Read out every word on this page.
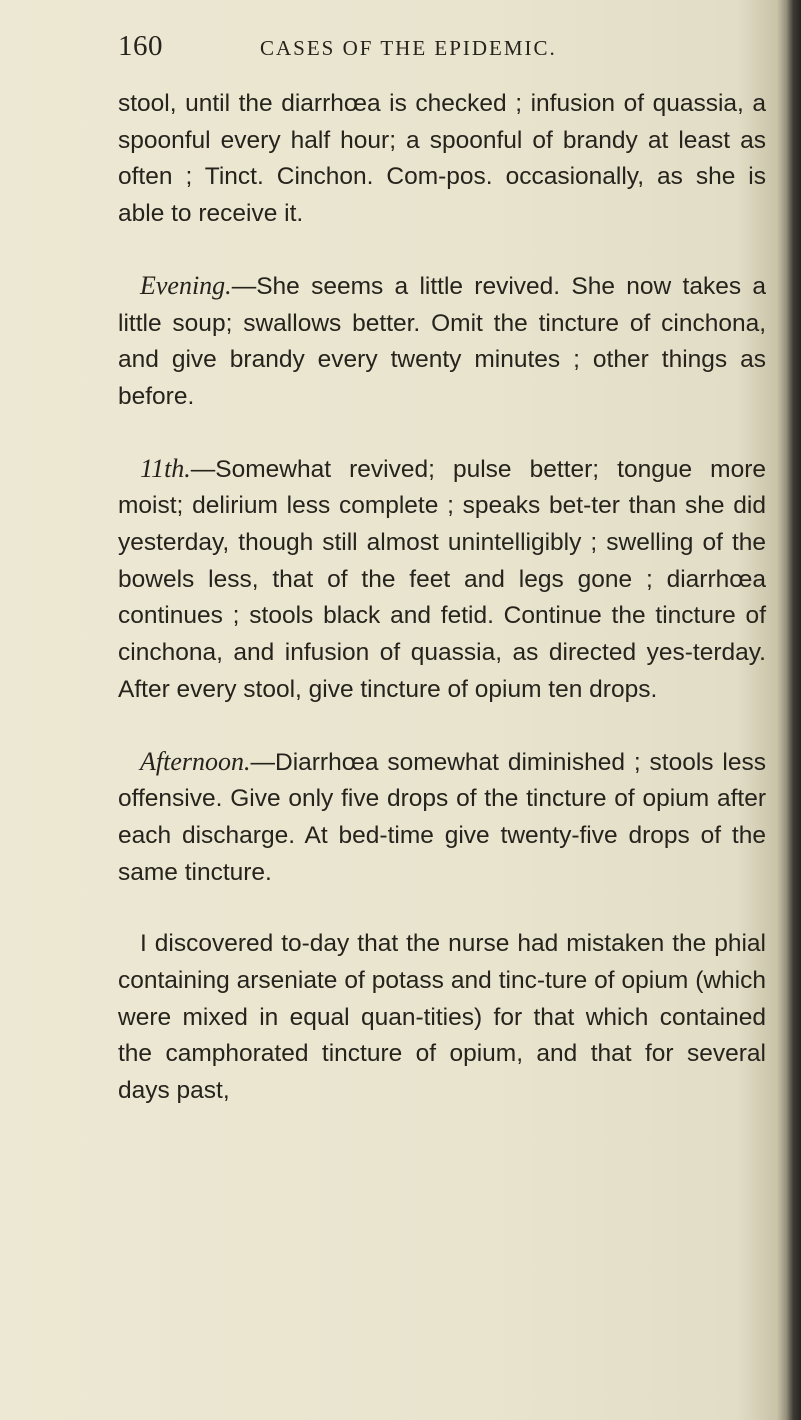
160	CASES OF THE EPIDEMIC.

stool, until the diarrhœa is checked ; infusion of quassia, a spoonful every half hour; a spoonful of brandy at least as often ; Tinct. Cinchon. Com-pos. occasionally, as she is able to receive it.

Evening.—She seems a little revived. She now takes a little soup; swallows better. Omit the tincture of cinchona, and give brandy every twenty minutes ; other things as before.

11th.—Somewhat revived; pulse better; tongue more moist; delirium less complete ; speaks bet-ter than she did yesterday, though still almost unintelligibly ; swelling of the bowels less, that of the feet and legs gone ; diarrhœa continues ; stools black and fetid. Continue the tincture of cinchona, and infusion of quassia, as directed yes-terday. After every stool, give tincture of opium ten drops.

Afternoon.—Diarrhœa somewhat diminished ; stools less offensive. Give only five drops of the tincture of opium after each discharge. At bed-time give twenty-five drops of the same tincture.

I discovered to-day that the nurse had mistaken the phial containing arseniate of potass and tinc-ture of opium (which were mixed in equal quan-tities) for that which contained the camphorated tincture of opium, and that for several days past,
